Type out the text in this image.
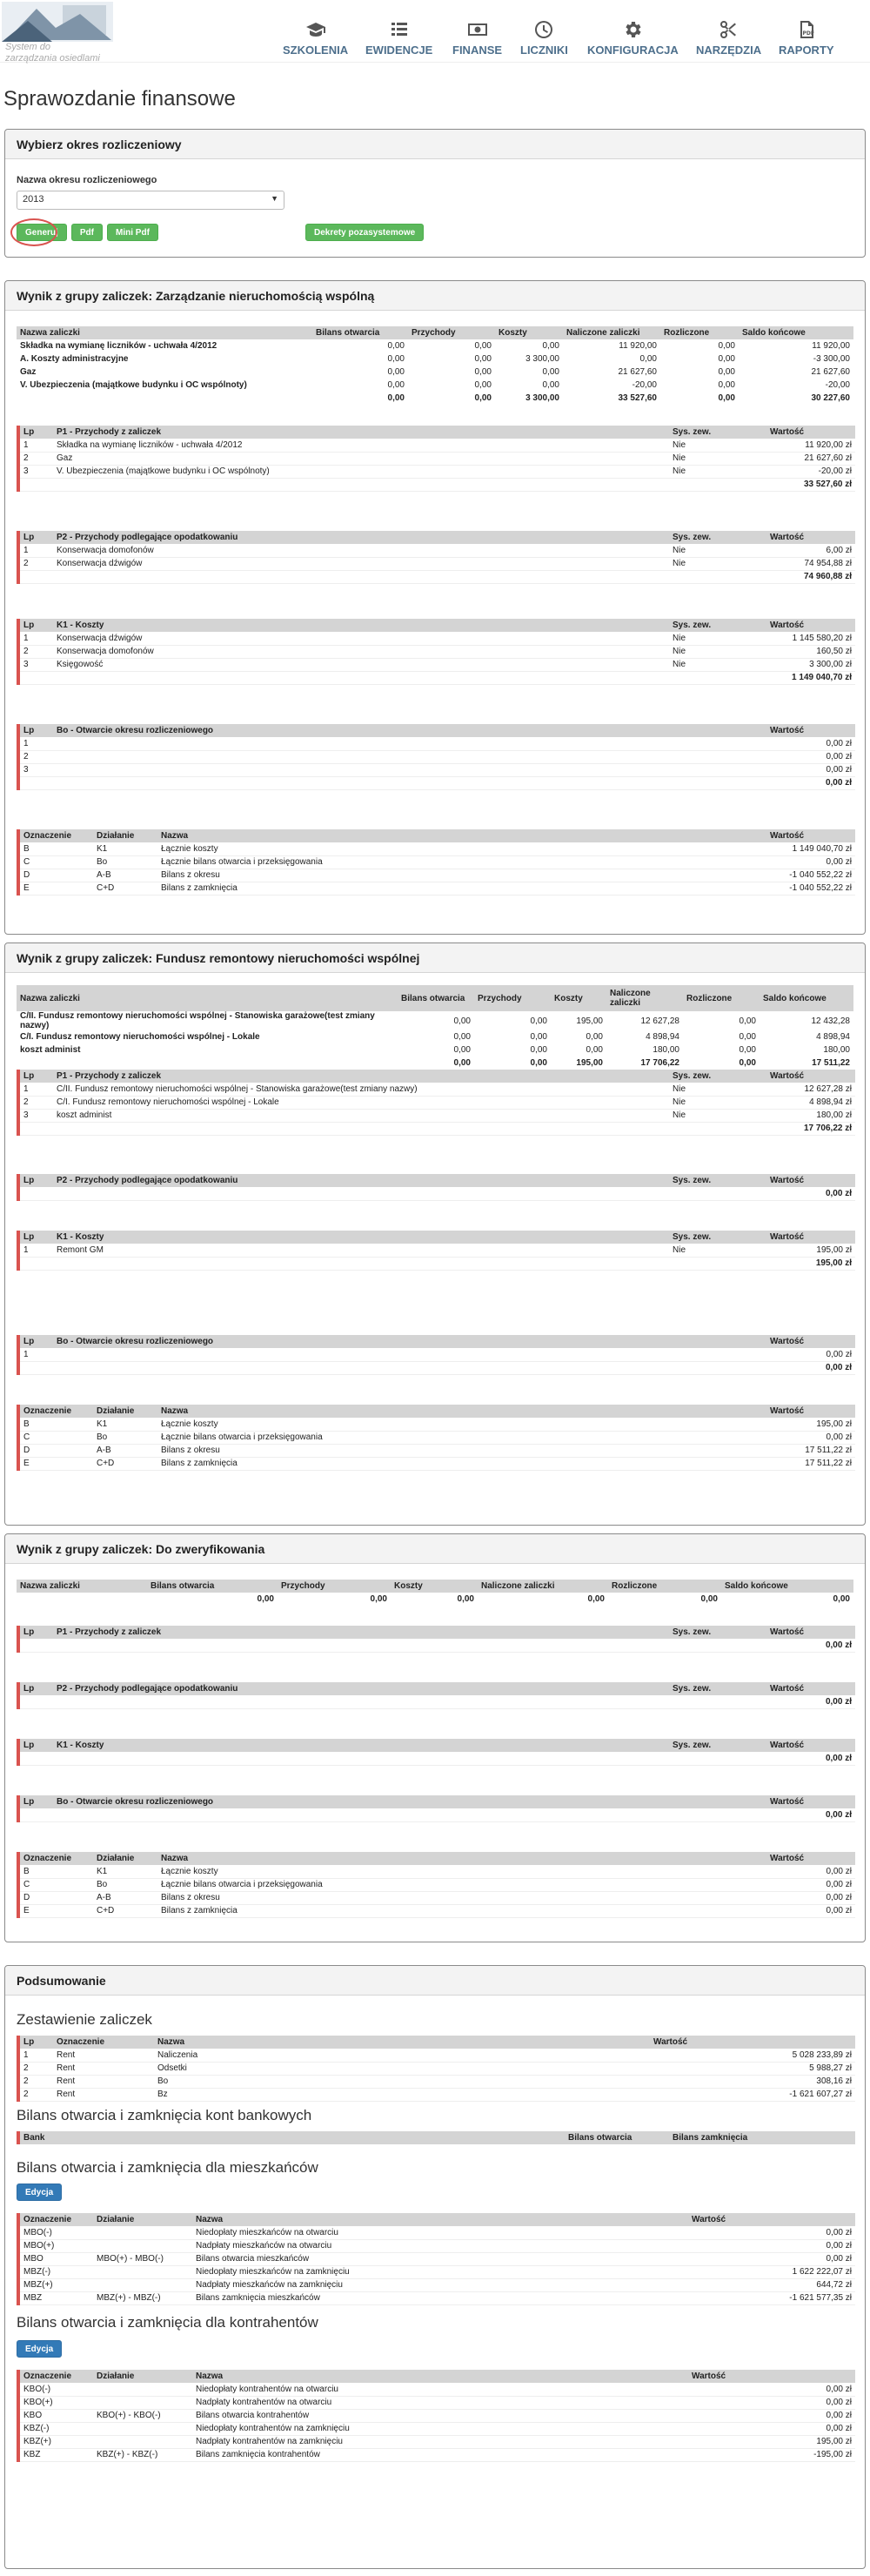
System do zarządzania osiedlami
SZKOLENIA EWIDENCJE FINANSE LICZNIKI KONFIGURACJA NARZĘDZIA
PDF
RAPORTY
Sprawozdanie finansowe
Wybierz okres rozliczeniowy
Nazwa okresu rozliczeniowego
2013	▼
Generuj	Pdf	Mini Pdf	Dekrety pozasystemowe
Wynik z grupy zaliczek: Zarządzanie nieruchomością wspólną
Nazwa zaliczki	Bilans otwarcia	Przychody	Koszty	Naliczone zaliczki	Rozliczone	Saldo końcowe
Składka na wymianę liczników - uchwała 4/2012	0,00	0,00	0,00	11 920,00	0,00	11 920,00
A. Koszty administracyjne	0,00	0,00	3 300,00	0,00	0,00	-3 300,00
Gaz	0,00	0,00	0,00	21 627,60	0,00	21 627,60
V. Ubezpieczenia (majątkowe budynku i OC wspólnoty)	0,00	0,00	0,00	-20,00	0,00	-20,00
	0,00	0,00	3 300,00	33 527,60	0,00	30 227,60
Lp	P1 - Przychody z zaliczek	Sys. zew.	Wartość
1	Składka na wymianę liczników - uchwała 4/2012	Nie	11 920,00 zł
2	Gaz	Nie	21 627,60 zł
3	V. Ubezpieczenia (majątkowe budynku i OC wspólnoty)	Nie	-20,00 zł
			33 527,60 zł
Lp	P2 - Przychody podlegające opodatkowaniu	Sys. zew.	Wartość
1	Konserwacja domofonów	Nie	6,00 zł
2	Konserwacja dźwigów	Nie	74 954,88 zł
			74 960,88 zł
Lp	K1 - Koszty	Sys. zew.	Wartość
1	Konserwacja dźwigów	Nie	1 145 580,20 zł
2	Konserwacja domofonów	Nie	160,50 zł
3	Księgowość	Nie	3 300,00 zł
			1 149 040,70 zł
Lp	Bo - Otwarcie okresu rozliczeniowego	Wartość
1		0,00 zł
2		0,00 zł
3		0,00 zł
		0,00 zł
Oznaczenie	Działanie	Nazwa	Wartość
B	K1	Łącznie koszty	1 149 040,70 zł
C	Bo	Łącznie bilans otwarcia i przeksięgowania	0,00 zł
D	A-B	Bilans z okresu	-1 040 552,22 zł
E	C+D	Bilans z zamknięcia	-1 040 552,22 zł
Wynik z grupy zaliczek: Fundusz remontowy nieruchomości wspólnej
Nazwa zaliczki	Bilans otwarcia	Przychody	Koszty	Naliczone zaliczki	Rozliczone	Saldo końcowe
C/II. Fundusz remontowy nieruchomości wspólnej - Stanowiska garażowe(test zmiany nazwy)	0,00	0,00	195,00	12 627,28	0,00	12 432,28
C/I. Fundusz remontowy nieruchomości wspólnej - Lokale	0,00	0,00	0,00	4 898,94	0,00	4 898,94
koszt administ	0,00	0,00	0,00	180,00	0,00	180,00
	0,00	0,00	195,00	17 706,22	0,00	17 511,22
Lp	P1 - Przychody z zaliczek	Sys. zew.	Wartość
1	C/II. Fundusz remontowy nieruchomości wspólnej - Stanowiska garażowe(test zmiany nazwy)	Nie	12 627,28 zł
2	C/I. Fundusz remontowy nieruchomości wspólnej - Lokale	Nie	4 898,94 zł
3	koszt administ	Nie	180,00 zł
			17 706,22 zł
Lp	P2 - Przychody podlegające opodatkowaniu	Sys. zew.	Wartość
			0,00 zł
Lp	K1 - Koszty	Sys. zew.	Wartość
1	Remont GM	Nie	195,00 zł
			195,00 zł
Lp	Bo - Otwarcie okresu rozliczeniowego	Wartość
1		0,00 zł
		0,00 zł
Oznaczenie	Działanie	Nazwa	Wartość
B	K1	Łącznie koszty	195,00 zł
C	Bo	Łącznie bilans otwarcia i przeksięgowania	0,00 zł
D	A-B	Bilans z okresu	17 511,22 zł
E	C+D	Bilans z zamknięcia	17 511,22 zł
Wynik z grupy zaliczek: Do zweryfikowania
Nazwa zaliczki	Bilans otwarcia	Przychody	Koszty	Naliczone zaliczki	Rozliczone	Saldo końcowe
	0,00	0,00	0,00	0,00	0,00	0,00
Lp	P1 - Przychody z zaliczek	Sys. zew.	Wartość
			0,00 zł
Lp	P2 - Przychody podlegające opodatkowaniu	Sys. zew.	Wartość
			0,00 zł
Lp	K1 - Koszty	Sys. zew.	Wartość
			0,00 zł
Lp	Bo - Otwarcie okresu rozliczeniowego	Wartość
		0,00 zł
Oznaczenie	Działanie	Nazwa	Wartość
B	K1	Łącznie koszty	0,00 zł
C	Bo	Łącznie bilans otwarcia i przeksięgowania	0,00 zł
D	A-B	Bilans z okresu	0,00 zł
E	C+D	Bilans z zamknięcia	0,00 zł
Podsumowanie
Zestawienie zaliczek
Lp	Oznaczenie	Nazwa	Wartość
1	Rent	Naliczenia	5 028 233,89 zł
2	Rent	Odsetki	5 988,27 zł
2	Rent	Bo	308,16 zł
2	Rent	Bz	-1 621 607,27 zł
Bilans otwarcia i zamknięcia kont bankowych
Bank	Bilans otwarcia	Bilans zamknięcia
Bilans otwarcia i zamknięcia dla mieszkańców
Edycja
Oznaczenie	Działanie	Nazwa	Wartość
MBO(-)		Niedopłaty mieszkańców na otwarciu	0,00 zł
MBO(+)		Nadpłaty mieszkańców na otwarciu	0,00 zł
MBO	MBO(+) - MBO(-)	Bilans otwarcia mieszkańców	0,00 zł
MBZ(-)		Niedopłaty mieszkańców na zamknięciu	1 622 222,07 zł
MBZ(+)		Nadpłaty mieszkańców na zamknięciu	644,72 zł
MBZ	MBZ(+) - MBZ(-)	Bilans zamknięcia mieszkańców	-1 621 577,35 zł
Bilans otwarcia i zamknięcia dla kontrahentów
Edycja
Oznaczenie	Działanie	Nazwa	Wartość
KBO(-)		Niedopłaty kontrahentów na otwarciu	0,00 zł
KBO(+)		Nadpłaty kontrahentów na otwarciu	0,00 zł
KBO	KBO(+) - KBO(-)	Bilans otwarcia kontrahentów	0,00 zł
KBZ(-)		Niedopłaty kontrahentów na zamknięciu	0,00 zł
KBZ(+)		Nadpłaty kontrahentów na zamknięciu	195,00 zł
KBZ	KBZ(+) - KBZ(-)	Bilans zamknięcia kontrahentów	-195,00 zł
